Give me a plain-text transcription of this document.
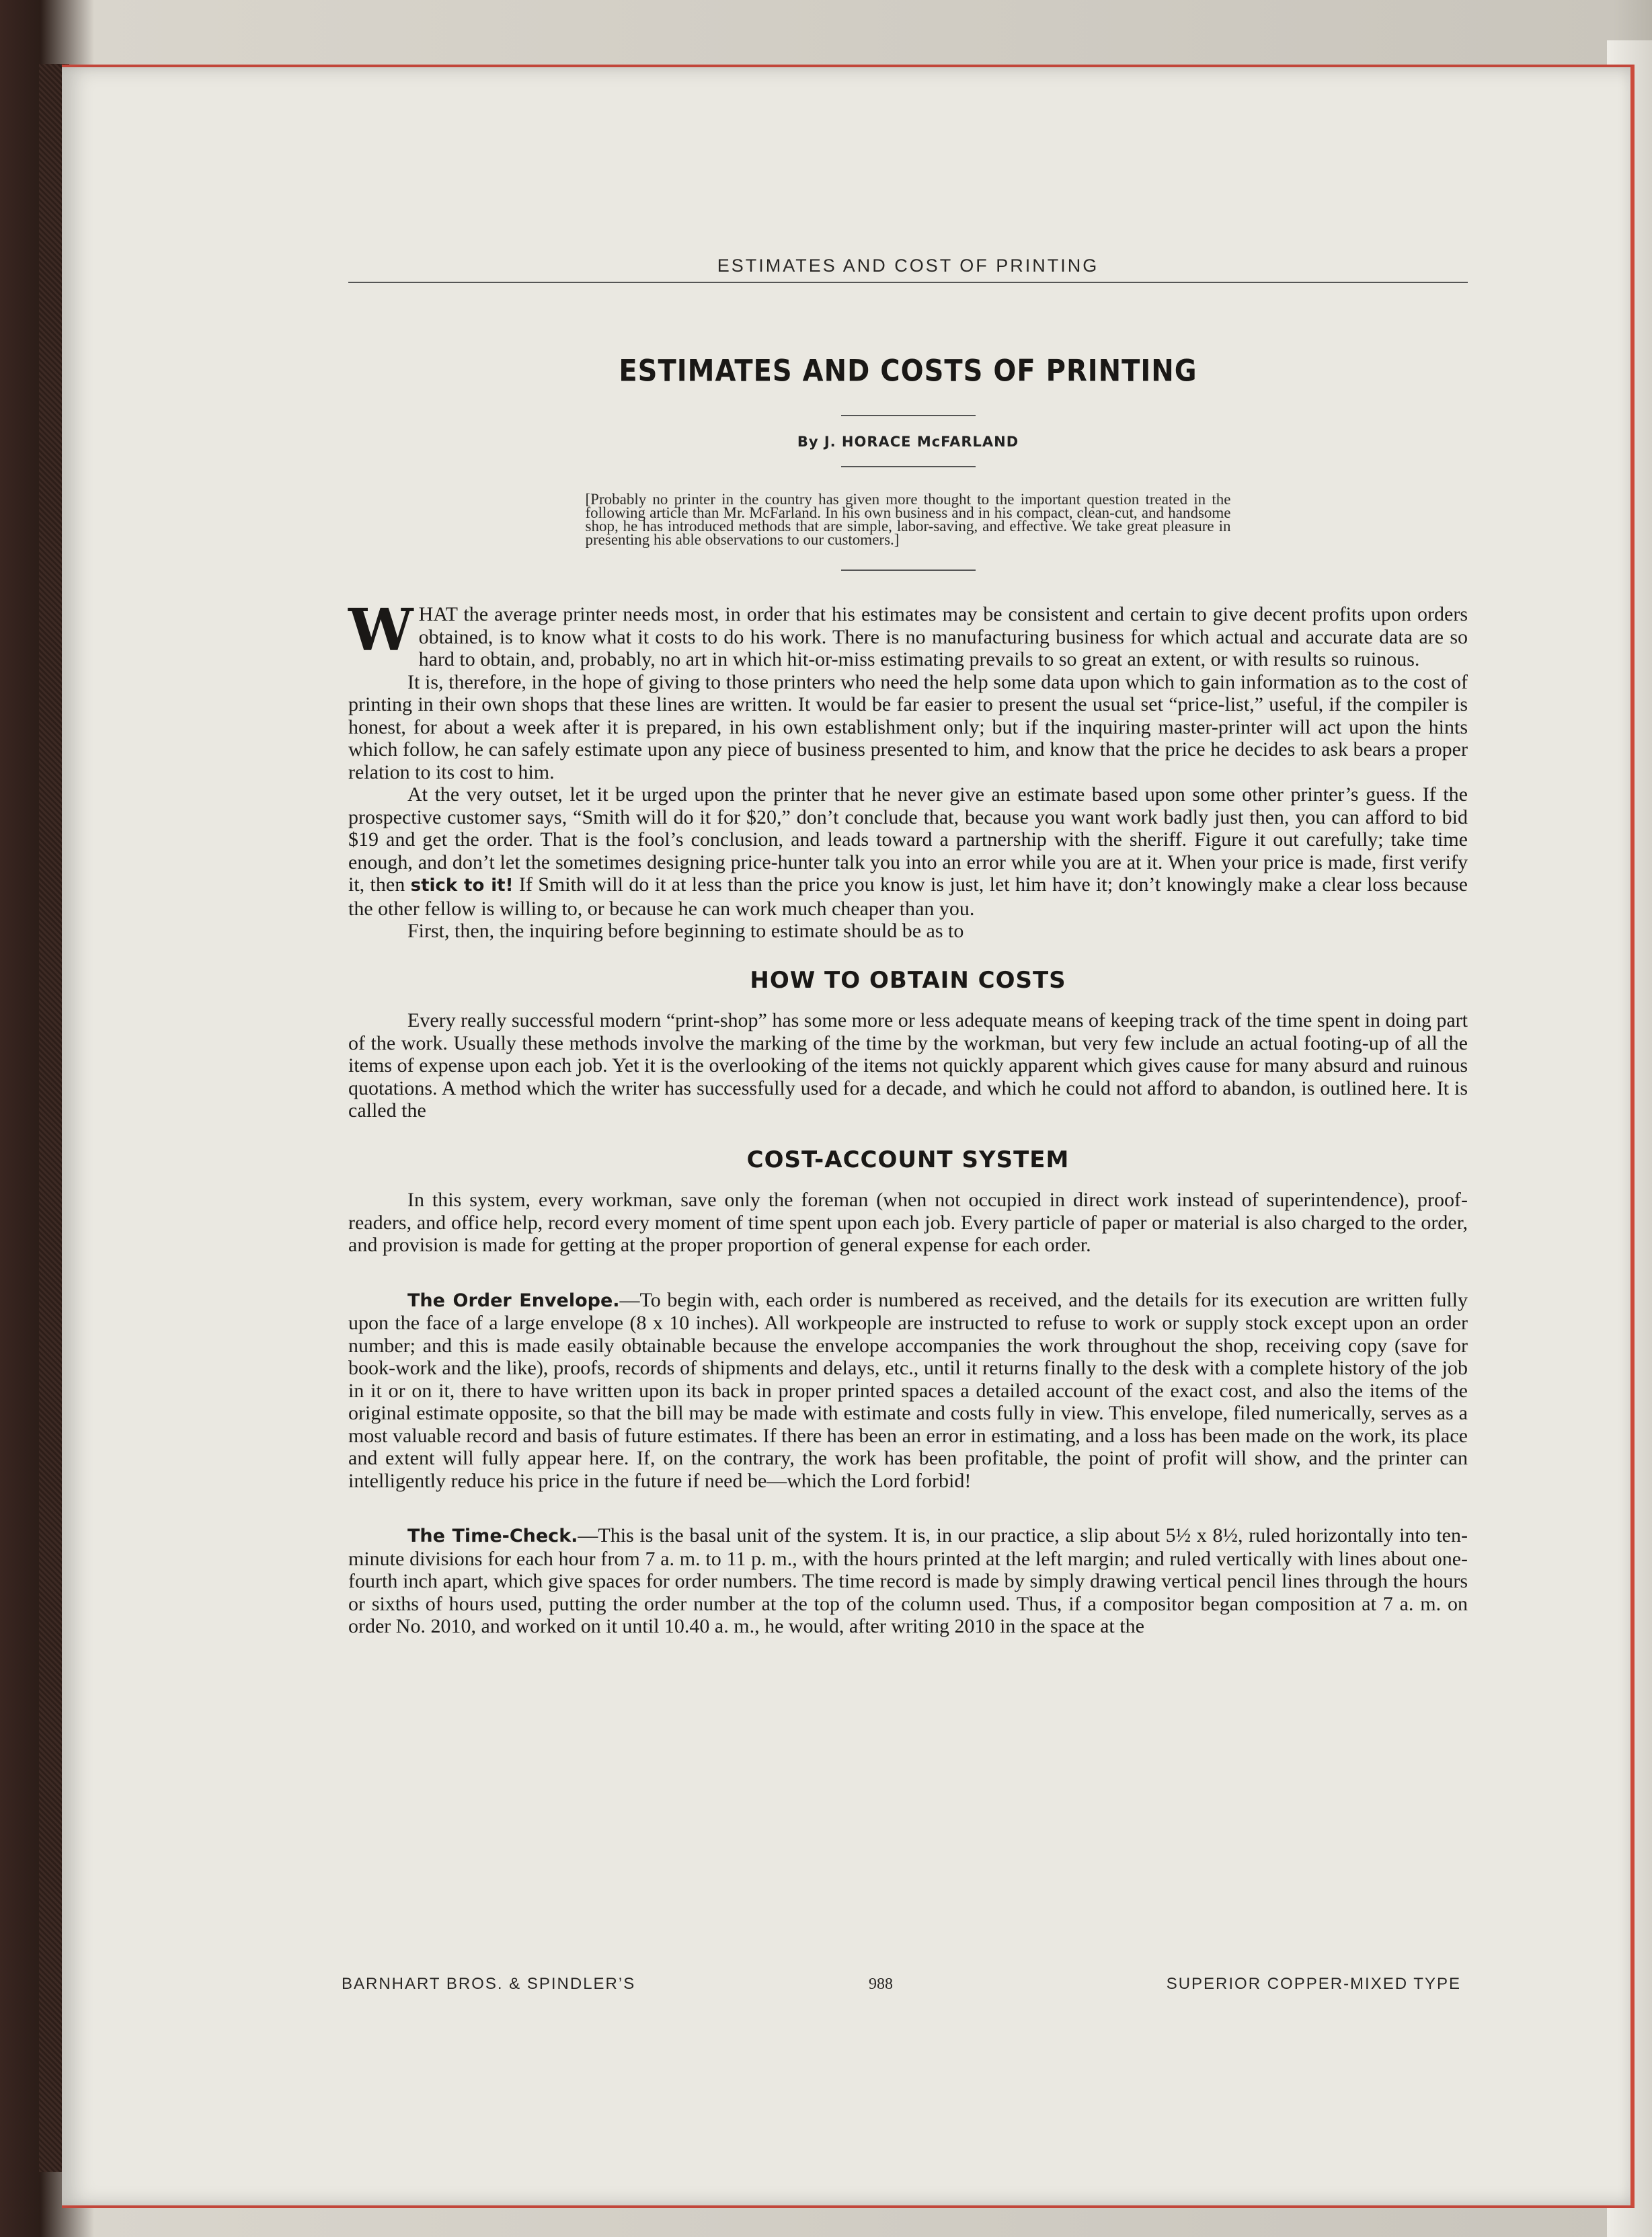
ESTIMATES AND COST OF PRINTING
ESTIMATES AND COSTS OF PRINTING
By J. HORACE McFARLAND
[Probably no printer in the country has given more thought to the important question treated in the following article than Mr. McFarland. In his own business and in his compact, clean-cut, and handsome shop, he has introduced methods that are simple, labor-saving, and effective. We take great pleasure in presenting his able observations to our customers.]

WHAT the average printer needs most, in order that his estimates may be consistent and certain to give decent profits upon orders obtained, is to know what it costs to do his work. There is no manufacturing business for which actual and accurate data are so hard to obtain, and, probably, no art in which hit-or-miss estimating prevails to so great an extent, or with results so ruinous.

It is, therefore, in the hope of giving to those printers who need the help some data upon which to gain information as to the cost of printing in their own shops that these lines are written. It would be far easier to present the usual set “price-list,” useful, if the compiler is honest, for about a week after it is prepared, in his own establishment only; but if the inquiring master-printer will act upon the hints which follow, he can safely estimate upon any piece of business presented to him, and know that the price he decides to ask bears a proper relation to its cost to him.

At the very outset, let it be urged upon the printer that he never give an estimate based upon some other printer’s guess. If the prospective customer says, “Smith will do it for $20,” don’t conclude that, because you want work badly just then, you can afford to bid $19 and get the order. That is the fool’s conclusion, and leads toward a partnership with the sheriff. Figure it out carefully; take time enough, and don’t let the sometimes designing price-hunter talk you into an error while you are at it. When your price is made, first verify it, then stick to it! If Smith will do it at less than the price you know is just, let him have it; don’t knowingly make a clear loss because the other fellow is willing to, or because he can work much cheaper than you.

First, then, the inquiring before beginning to estimate should be as to

HOW TO OBTAIN COSTS

Every really successful modern “print-shop” has some more or less adequate means of keeping track of the time spent in doing part of the work. Usually these methods involve the marking of the time by the workman, but very few include an actual footing-up of all the items of expense upon each job. Yet it is the overlooking of the items not quickly apparent which gives cause for many absurd and ruinous quotations. A method which the writer has successfully used for a decade, and which he could not afford to abandon, is outlined here. It is called the

COST-ACCOUNT SYSTEM

In this system, every workman, save only the foreman (when not occupied in direct work instead of superintendence), proof-readers, and office help, record every moment of time spent upon each job. Every particle of paper or material is also charged to the order, and provision is made for getting at the proper proportion of general expense for each order.

The Order Envelope.—To begin with, each order is numbered as received, and the details for its execution are written fully upon the face of a large envelope (8 x 10 inches). All workpeople are instructed to refuse to work or supply stock except upon an order number; and this is made easily obtainable because the envelope accompanies the work throughout the shop, receiving copy (save for book-work and the like), proofs, records of shipments and delays, etc., until it returns finally to the desk with a complete history of the job in it or on it, there to have written upon its back in proper printed spaces a detailed account of the exact cost, and also the items of the original estimate opposite, so that the bill may be made with estimate and costs fully in view. This envelope, filed numerically, serves as a most valuable record and basis of future estimates. If there has been an error in estimating, and a loss has been made on the work, its place and extent will fully appear here. If, on the contrary, the work has been profitable, the point of profit will show, and the printer can intelligently reduce his price in the future if need be—which the Lord forbid!

The Time-Check.—This is the basal unit of the system. It is, in our practice, a slip about 5½ x 8½, ruled horizontally into ten-minute divisions for each hour from 7 a. m. to 11 p. m., with the hours printed at the left margin; and ruled vertically with lines about one-fourth inch apart, which give spaces for order numbers. The time record is made by simply drawing vertical pencil lines through the hours or sixths of hours used, putting the order number at the top of the column used. Thus, if a compositor began composition at 7 a. m. on order No. 2010, and worked on it until 10.40 a. m., he would, after writing 2010 in the space at the

BARNHART BROS. & SPINDLER’S	988	SUPERIOR COPPER-MIXED TYPE
